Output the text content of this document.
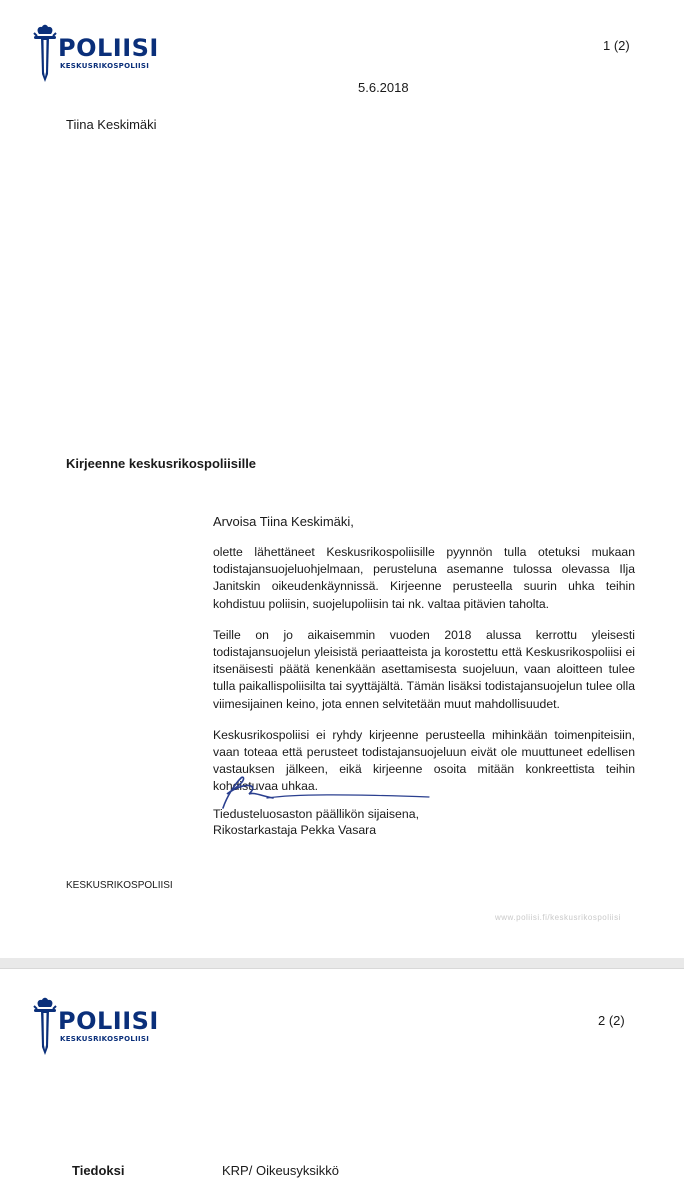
POLIISI
KESKUSRIKOSPOLIISI
1 (2)
5.6.2018
Tiina Keskimäki
Kirjeenne keskusrikospoliisille
Arvoisa Tiina Keskimäki,

olette lähettäneet Keskusrikospoliisille pyynnön tulla otetuksi mukaan todistajansuojeluohjelmaan, perusteluna asemanne tulossa olevassa Ilja Janitskin oikeudenkäynnissä. Kirjeenne perusteella suurin uhka teihin kohdistuu poliisin, suojelupoliisin tai nk. valtaa pitävien taholta.

Teille on jo aikaisemmin vuoden 2018 alussa kerrottu yleisesti todistajansuojelun yleisistä periaatteista ja korostettu että Keskusrikospoliisi ei itsenäisesti päätä kenenkään asettamisesta suojeluun, vaan aloitteen tulee tulla paikallispoliisilta tai syyttäjältä. Tämän lisäksi todistajansuojelun tulee olla viimesijainen keino, jota ennen selvitetään muut mahdollisuudet.

Keskusrikospoliisi ei ryhdy kirjeenne perusteella mihinkään toimenpiteisiin, vaan toteaa että perusteet todistajansuojeluun eivät ole muuttuneet edellisen vastauksen jälkeen, eikä kirjeenne osoita mitään konkreettista teihin kohdistuvaa uhkaa.

Tiedusteluosaston päällikön sijaisena,
Rikostarkastaja Pekka Vasara
KESKUSRIKOSPOLIISI
www.poliisi.fi/keskusrikospoliisi
POLIISI
KESKUSRIKOSPOLIISI
2 (2)
Tiedoksi	KRP/ Oikeusyksikkö
